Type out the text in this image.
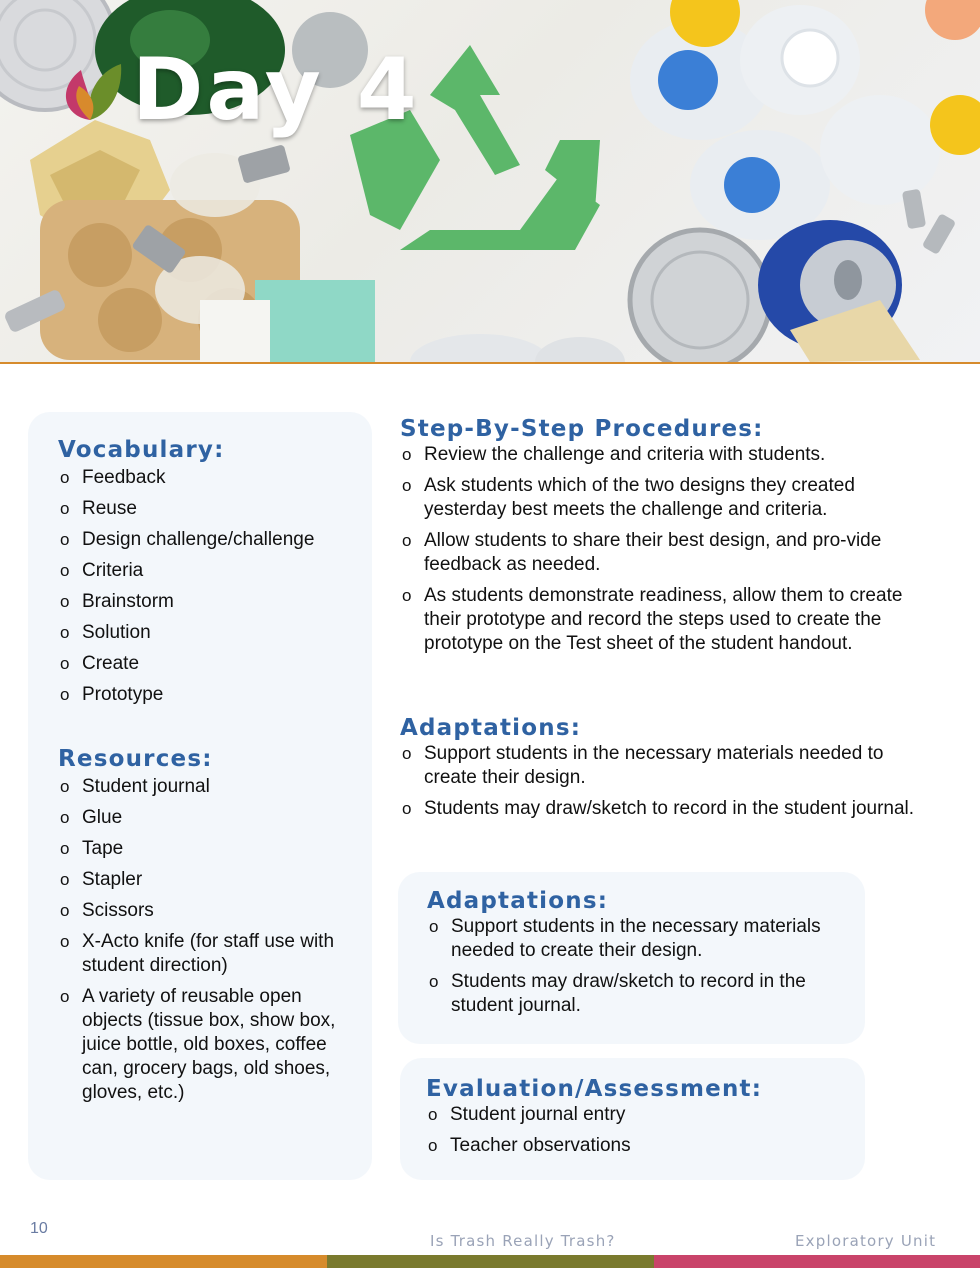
Day 4
Vocabulary:
o Feedback
o Reuse
o Design challenge/challenge
o Criteria
o Brainstorm
o Solution
o Create
o Prototype
Resources:
o Student journal
o Glue
o Tape
o Stapler
o Scissors
o X-Acto knife (for staff use with student direction)
o A variety of reusable open objects (tissue box, show box, juice bottle, old boxes, coffee can, grocery bags, old shoes, gloves, etc.)
Step-By-Step Procedures:
o Review the challenge and criteria with students.
o Ask students which of the two designs they created yesterday best meets the challenge and criteria.
o Allow students to share their best design, and pro-vide feedback as needed.
o As students demonstrate readiness, allow them to create their prototype and record the steps used to create the prototype on the Test sheet of the student handout.
Adaptations:
o Support students in the necessary materials needed to create their design.
o Students may draw/sketch to record in the student journal.
Adaptations:
o Support students in the necessary materials needed to create their design.
o Students may draw/sketch to record in the student journal.
Evaluation/Assessment:
o Student journal entry
o Teacher observations
10
Is Trash Really Trash?	Exploratory Unit
